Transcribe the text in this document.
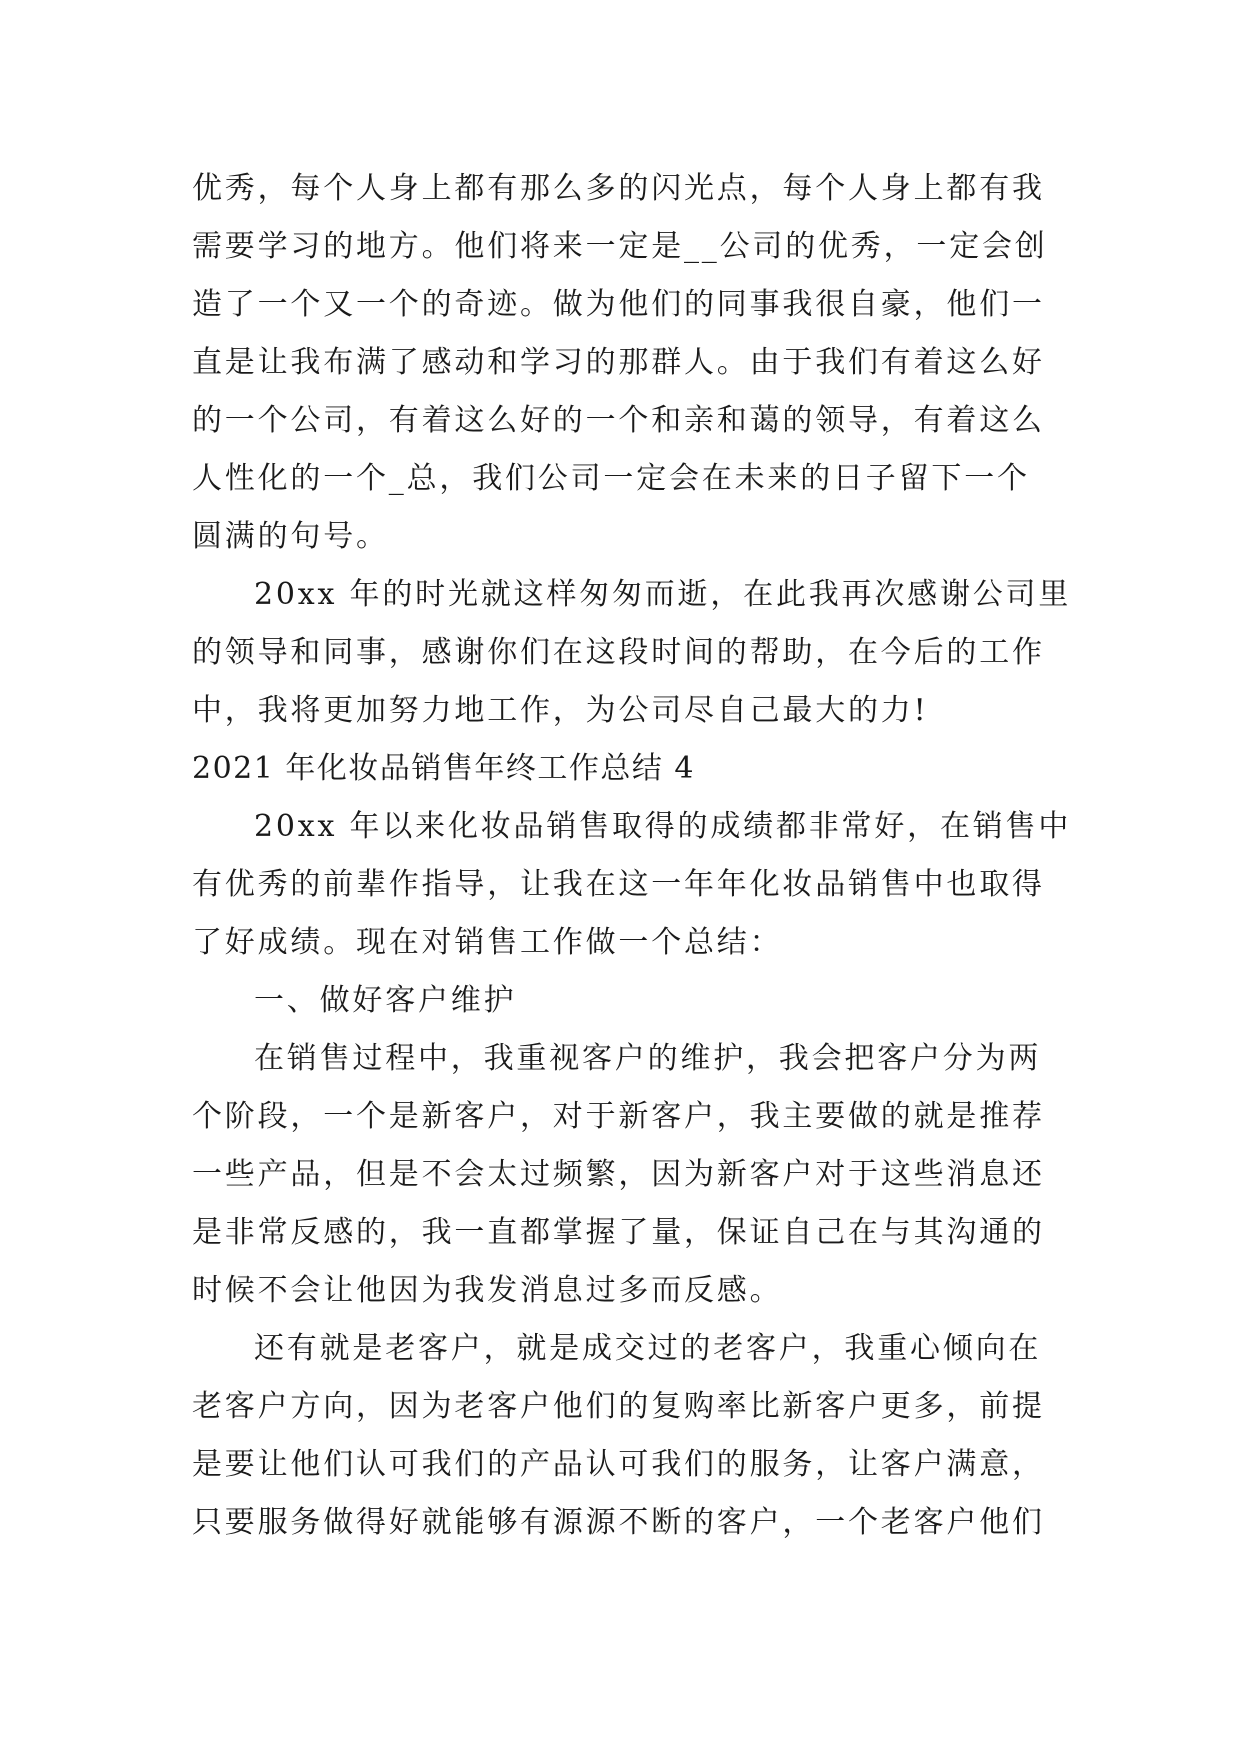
优秀，每个人身上都有那么多的闪光点，每个人身上都有我
需要学习的地方。他们将来一定是__公司的优秀，一定会创
造了一个又一个的奇迹。做为他们的同事我很自豪，他们一
直是让我布满了感动和学习的那群人。由于我们有着这么好
的一个公司，有着这么好的一个和亲和蔼的领导，有着这么
人性化的一个_总，我们公司一定会在未来的日子留下一个
圆满的句号。
20xx 年的时光就这样匆匆而逝，在此我再次感谢公司里
的领导和同事，感谢你们在这段时间的帮助，在今后的工作
中，我将更加努力地工作，为公司尽自己最大的力!
2021 年化妆品销售年终工作总结 4
20xx 年以来化妆品销售取得的成绩都非常好，在销售中
有优秀的前辈作指导，让我在这一年年化妆品销售中也取得
了好成绩。现在对销售工作做一个总结：
一、做好客户维护
在销售过程中，我重视客户的维护，我会把客户分为两
个阶段，一个是新客户，对于新客户，我主要做的就是推荐
一些产品，但是不会太过频繁，因为新客户对于这些消息还
是非常反感的，我一直都掌握了量，保证自己在与其沟通的
时候不会让他因为我发消息过多而反感。
还有就是老客户，就是成交过的老客户，我重心倾向在
老客户方向，因为老客户他们的复购率比新客户更多，前提
是要让他们认可我们的产品认可我们的服务，让客户满意，
只要服务做得好就能够有源源不断的客户，一个老客户他们
